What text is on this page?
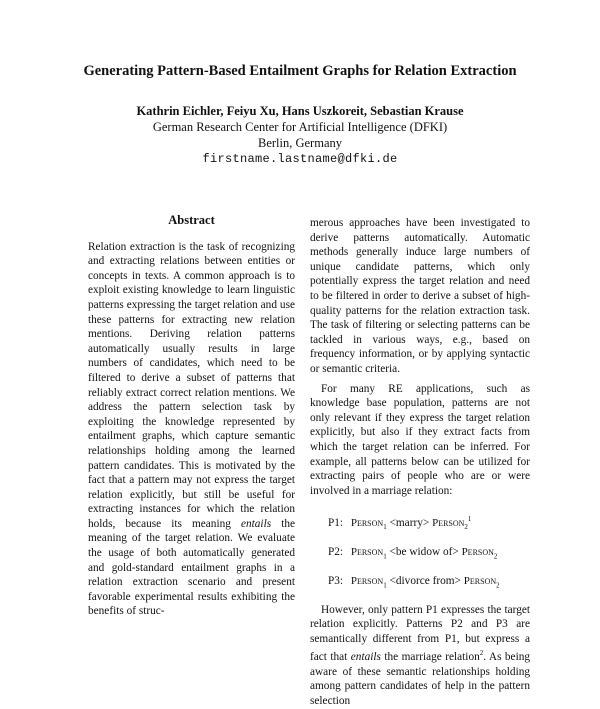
Generating Pattern-Based Entailment Graphs for Relation Extraction
Kathrin Eichler, Feiyu Xu, Hans Uszkoreit, Sebastian Krause
German Research Center for Artificial Intelligence (DFKI)
Berlin, Germany
firstname.lastname@dfki.de
Abstract

Relation extraction is the task of recognizing and extracting relations between entities or concepts in texts. A common approach is to exploit existing knowledge to learn linguistic patterns expressing the target relation and use these patterns for extracting new relation mentions. Deriving relation patterns automatically usually results in large numbers of candidates, which need to be filtered to derive a subset of patterns that reliably extract correct relation mentions. We address the pattern selection task by exploiting the knowledge represented by entailment graphs, which capture semantic relationships holding among the learned pattern candidates. This is motivated by the fact that a pattern may not express the target relation explicitly, but still be useful for extracting instances for which the relation holds, because its meaning entails the meaning of the target relation. We evaluate the usage of both automatically generated and gold-standard entailment graphs in a relation extraction scenario and present favorable experimental results exhibiting the benefits of struc-

merous approaches have been investigated to derive patterns automatically. Automatic methods generally induce large numbers of unique candidate patterns, which only potentially express the target relation and need to be filtered in order to derive a subset of high-quality patterns for the relation extraction task. The task of filtering or selecting patterns can be tackled in various ways, e.g., based on frequency information, or by applying syntactic or semantic criteria.

For many RE applications, such as knowledge base population, patterns are not only relevant if they express the target relation explicitly, but also if they extract facts from which the target relation can be inferred. For example, all patterns below can be utilized for extracting pairs of people who are or were involved in a marriage relation:

P1: Person$_1$ <marry> Person$_2^1$
P2: Person$_1$ <be widow of> Person$_2$
P3: Person$_1$ <divorce from> Person$_2$

However, only pattern P1 expresses the target relation explicitly. Patterns P2 and P3 are semantically different from P1, but express a fact that entails the marriage relation$^2$. As being aware of these semantic relationships holding among pattern candidates of help in the pattern selection
